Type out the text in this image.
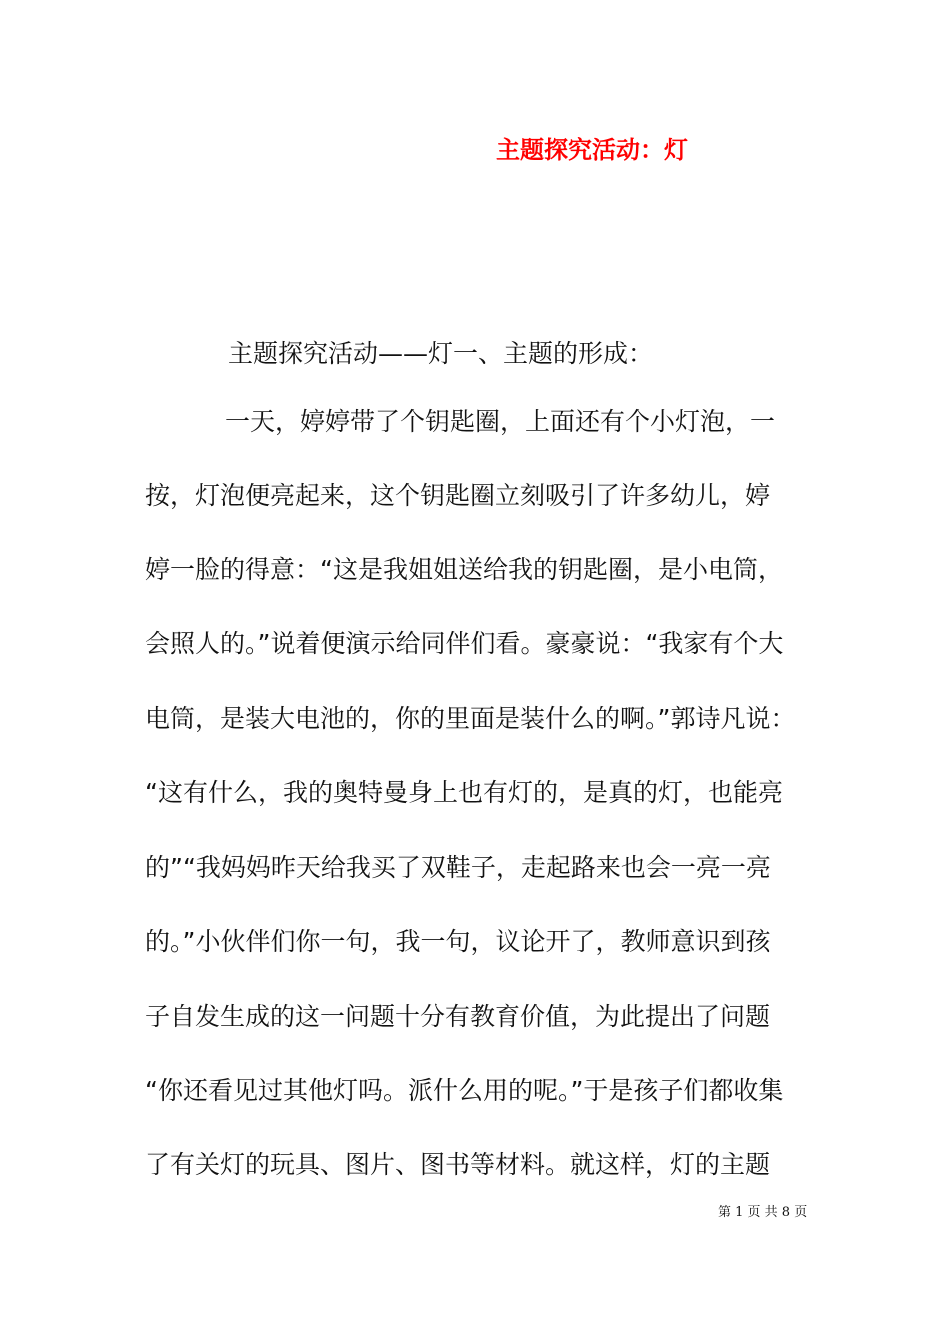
主题探究活动：灯
主题探究活动——灯一、主题的形成：
一天，婷婷带了个钥匙圈，上面还有个小灯泡，一
按，灯泡便亮起来，这个钥匙圈立刻吸引了许多幼儿，婷
婷一脸的得意：“这是我姐姐送给我的钥匙圈，是小电筒，
会照人的。”说着便演示给同伴们看。豪豪说：“我家有个大
电筒，是装大电池的，你的里面是装什么的啊。”郭诗凡说：
“这有什么，我的奥特曼身上也有灯的，是真的灯，也能亮
的”“我妈妈昨天给我买了双鞋子，走起路来也会一亮一亮
的。”小伙伴们你一句，我一句，议论开了，教师意识到孩
子自发生成的这一问题十分有教育价值，为此提出了问题
“你还看见过其他灯吗。派什么用的呢。”于是孩子们都收集
了有关灯的玩具、图片、图书等材料。就这样，灯的主题
第 1 页 共 8 页
